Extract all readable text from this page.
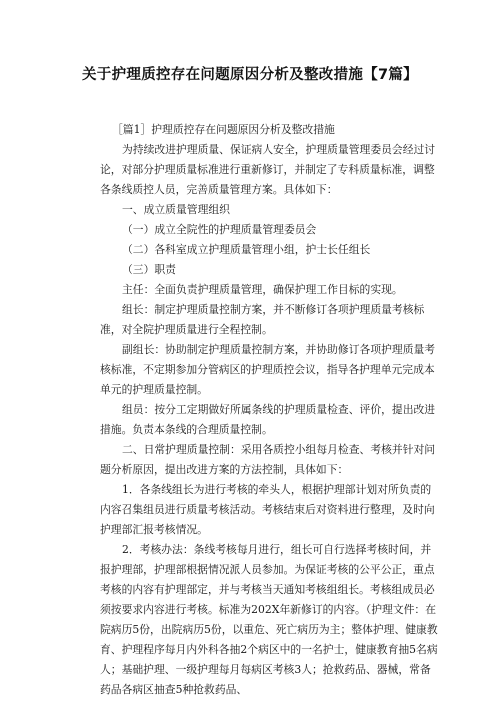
关于护理质控存在问题原因分析及整改措施【7篇】

［篇1］护理质控存在问题原因分析及整改措施

为持续改进护理质量、保证病人安全，护理质量管理委员会经过讨论，对部分护理质量标准进行重新修订，并制定了专科质量标准，调整各条线质控人员，完善质量管理方案。具体如下：

一、成立质量管理组织

（一）成立全院性的护理质量管理委员会

（二）各科室成立护理质量管理小组，护士长任组长

（三）职责

主任：全面负责护理质量管理，确保护理工作目标的实现。

组长：制定护理质量控制方案，并不断修订各项护理质量考核标准，对全院护理质量进行全程控制。

副组长：协助制定护理质量控制方案，并协助修订各项护理质量考核标准，不定期参加分管病区的护理质控会议，指导各护理单元完成本单元的护理质量控制。

组员：按分工定期做好所属条线的护理质量检查、评价，提出改进措施。负责本条线的合理质量控制。

二、日常护理质量控制：采用各质控小组每月检查、考核并针对问题分析原因，提出改进方案的方法控制，具体如下：

1．各条线组长为进行考核的牵头人，根据护理部计划对所负责的内容召集组员进行质量考核活动。考核结束后对资料进行整理，及时向护理部汇报考核情况。

2．考核办法：条线考核每月进行，组长可自行选择考核时间，并报护理部，护理部根据情况派人员参加。为保证考核的公平公正，重点考核的内容有护理部定，并与考核当天通知考核组组长。考核组成员必须按要求内容进行考核。标准为202X年新修订的内容。（护理文件：在院病历5份，出院病历5份，以重危、死亡病历为主；整体护理、健康教育、护理程序每月内外科各抽2个病区中的一名护士，健康教育抽5名病人；基础护理、一级护理每月每病区考核3人；抢救药品、器械，常备药品各病区抽查5种抢救药品、
